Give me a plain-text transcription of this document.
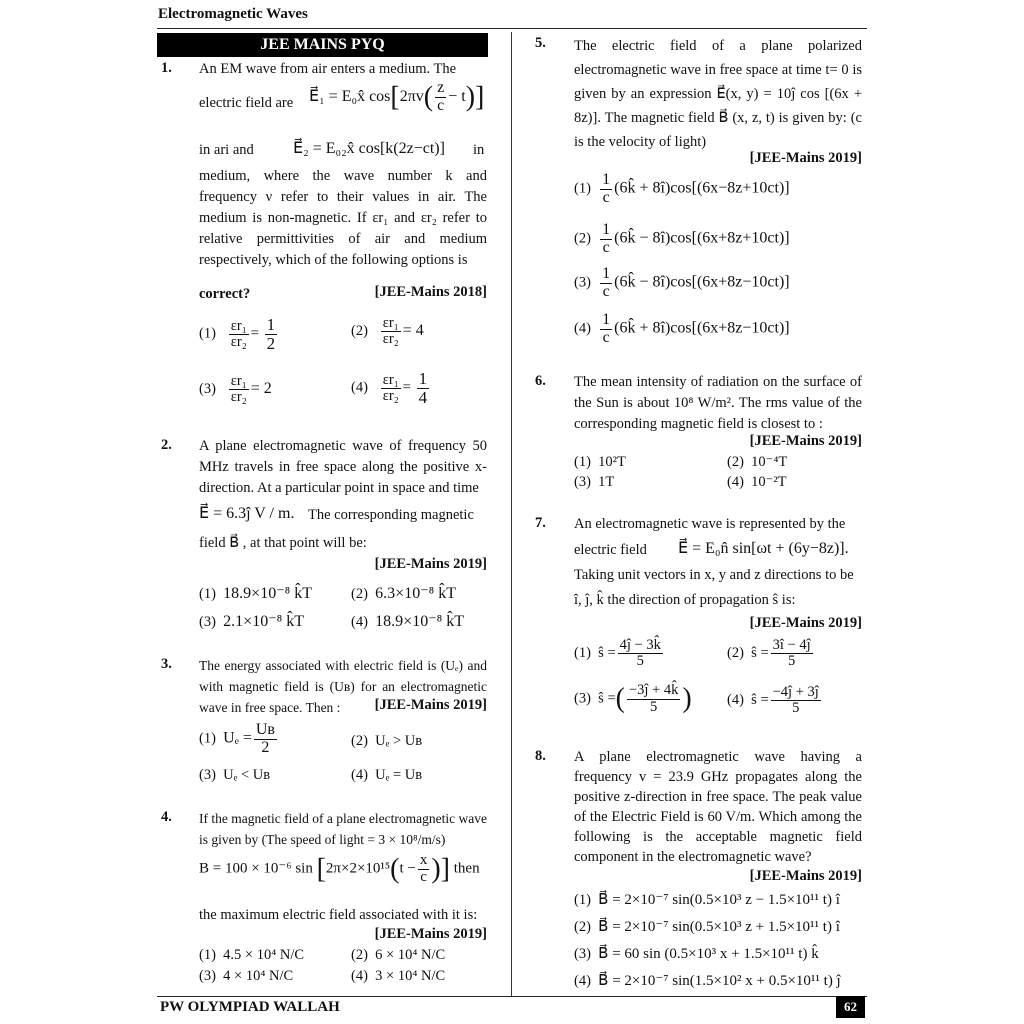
Electromagnetic Waves
JEE MAINS PYQ
1. An EM wave from air enters a medium. The
electric field are E⃗₁ = E₀x̂ $\cos[2\pi v( \frac{z}{c} - t)]$
in ari and E⃗₂ = E₀₂x̂ cos[k(2z−ct)] in
medium, where the wave number k and frequency ν refer to their values in air. The medium is non-magnetic. If εr₁ and εr₂ refer to relative permittivities of air and medium respectively, which of the following options is
correct?	[JEE-Mains 2018]
$(1) \frac{\text{εr₁}}{\text{εr₂}} = \frac{1}{2}$	$(2) \frac{\text{εr₁}}{\text{εr₂}} = 4$
$(3) \frac{\text{εr₁}}{\text{εr₂}} = 2$	$(4) \frac{\text{εr₁}}{\text{εr₂}} = \frac{1}{4}$
2. A plane electromagnetic wave of frequency 50 MHz travels in free space along the positive x-direction. At a particular point in space and time
E⃗ = 6.3ĵ V / m. The corresponding magnetic
field B⃗ , at that point will be:
[JEE-Mains 2019]
(1) 18.9×10⁻⁸ k̂T	(2) 6.3×10⁻⁸ k̂T
(3) 2.1×10⁻⁸ k̂T	(4) 18.9×10⁻⁸ k̂T
3. The energy associated with electric field is (Uₑ) and with magnetic field is (Uʙ) for an electromagnetic wave in free space. Then :	[JEE-Mains 2019]
(1) $U_e = \frac{\text{Uʙ}}{2}$	(2) Uₑ > Uʙ
(3) Uₑ < Uʙ	(4) Uₑ = Uʙ
4. If the magnetic field of a plane electromagnetic wave is given by (The speed of light = 3 × 10⁸/m/s)
B = 100 × 10⁻⁶ $\sin [2\pi\times 2\times 10^{15}(t - \frac{x}{c}$ )] then
the maximum electric field associated with it is:
[JEE-Mains 2019]
(1) 4.5 × 10⁴ N/C	(2) 6 × 10⁴ N/C
(3) 4 × 10⁴ N/C	(4) 3 × 10⁴ N/C
5. The electric field of a plane polarized electromagnetic wave in free space at time t= 0 is given by an expression E⃗(x, y) = 10ĵ cos [(6x + 8z)]. The magnetic field B⃗ (x, z, t) is given by: (c is the velocity of light)
[JEE-Mains 2019]
$(1) \frac{1}{c}$ (6k̂ + 8î)cos[(6x−8z+10ct)]
$(2) \frac{1}{c}$ (6k̂ − 8î)cos[(6x+8z+10ct)]
$(3) \frac{1}{c}$ (6k̂ − 8î)cos[(6x+8z−10ct)]
$(4) \frac{1}{c}$ (6k̂ + 8î)cos[(6x+8z−10ct)]
6. The mean intensity of radiation on the surface of the Sun is about 10⁸ W/m². The rms value of the corresponding magnetic field is closest to :
[JEE-Mains 2019]
(1) 10²T	(2) 10⁻⁴T
(3) 1T	(4) 10⁻²T
7. An electromagnetic wave is represented by the
electric field E⃗ = E₀n̂ sin[ωt + (6y−8z)].
Taking unit vectors in x, y and z directions to be
î, ĵ, k̂ the direction of propagation ŝ is:
[JEE-Mains 2019]
(1) ŝ = $\frac{4ĵ - 3k̂}{5}$	(2) ŝ = $\frac{3î - 4ĵ}{5}$
(3) ŝ =( $\frac{-3ĵ + 4k̂}{5}$ ) (4) ŝ = $\frac{-4ĵ + 3ĵ}{5}$
8. A plane electromagnetic wave having a frequency v = 23.9 GHz propagates along the positive z-direction in free space. The peak value of the Electric Field is 60 V/m. Which among the following is the acceptable magnetic field component in the electromagnetic wave?
[JEE-Mains 2019]
(1) B⃗ = 2×10⁻⁷ sin(0.5×10³ z − 1.5×10¹¹ t) î
(2) B⃗ = 2×10⁻⁷ sin(0.5×10³ z + 1.5×10¹¹ t) î
(3) B⃗ = 60 sin (0.5×10³ x + 1.5×10¹¹ t) k̂
(4) B⃗ = 2×10⁻⁷ sin(1.5×10² x + 0.5×10¹¹ t) ĵ
PW OLYMPIAD WALLAH	62
